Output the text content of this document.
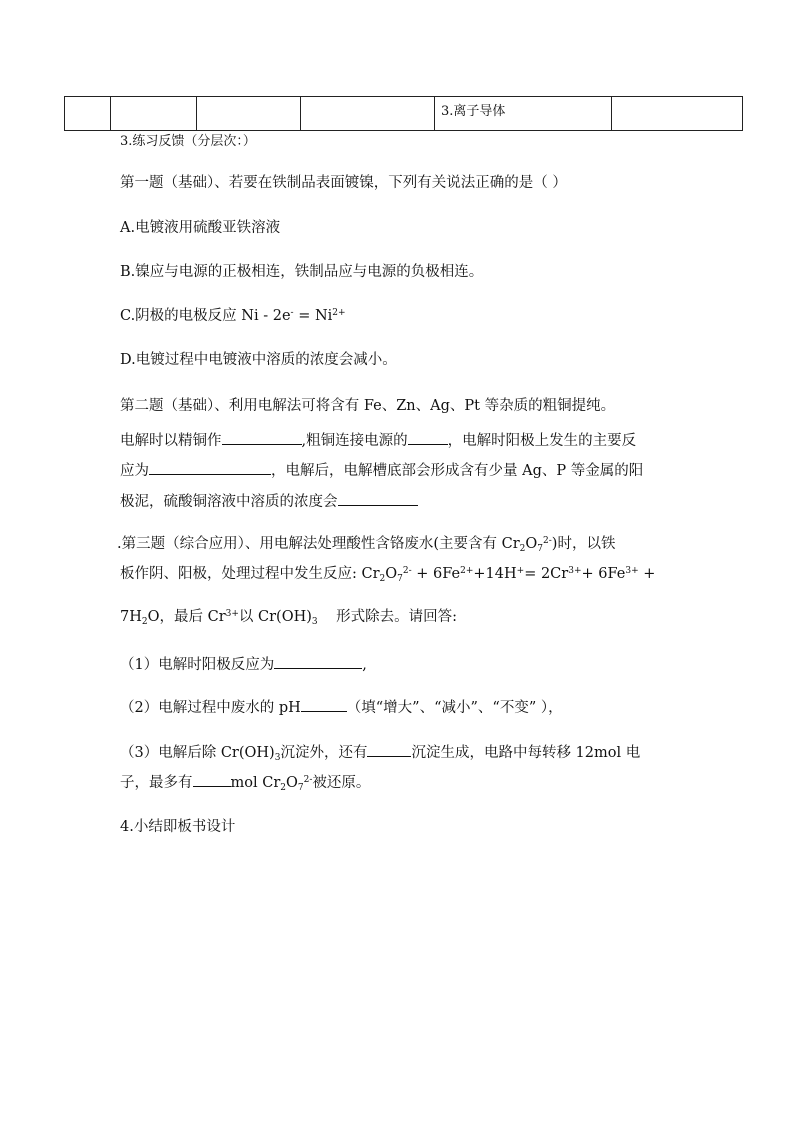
				3.离子导体	
3.练习反馈（分层次：）
第一题（基础）、若要在铁制品表面镀镍，下列有关说法正确的是（ ）
A.电镀液用硫酸亚铁溶液
B.镍应与电源的正极相连，铁制品应与电源的负极相连。
C.阴极的电极反应 $Ni - 2e^- = Ni^{2+}$
D.电镀过程中电镀液中溶质的浓度会减小。
第二题（基础）、利用电解法可将含有 Fe、Zn、Ag、Pt 等杂质的粗铜提纯。
电解时以精铜作	,粗铜连接电源的	，电解时阳极上发生的主要反
应为	，电解后，电解槽底部会形成含有少量 Ag、P 等金属的阳
极泥，硫酸铜溶液中溶质的浓度会
.第三题（综合应用）、用电解法处理酸性含铬废水(主要含有 $Cr_2O_7^{2-}$)时，以铁
板作阴、阳极，处理过程中发生反应: $Cr_2O_7^{2-} + 6Fe^{2+}+14H^+= 2Cr^{3+}+ 6Fe^{3+}$ +
$7H_2O$，最后 $Cr^{3+}$以 $Cr(OH)_3$    形式除去。请回答:
（1）电解时阳极反应为	,
（2）电解过程中废水的 pH	（填“增大”、“减小”、“不变” ），
（3）电解后除 $Cr(OH)_3$沉淀外，还有	沉淀生成，电路中每转移 12mol 电
子，最多有	mol $Cr_2O_7^{2-}$被还原。
4.小结即板书设计
